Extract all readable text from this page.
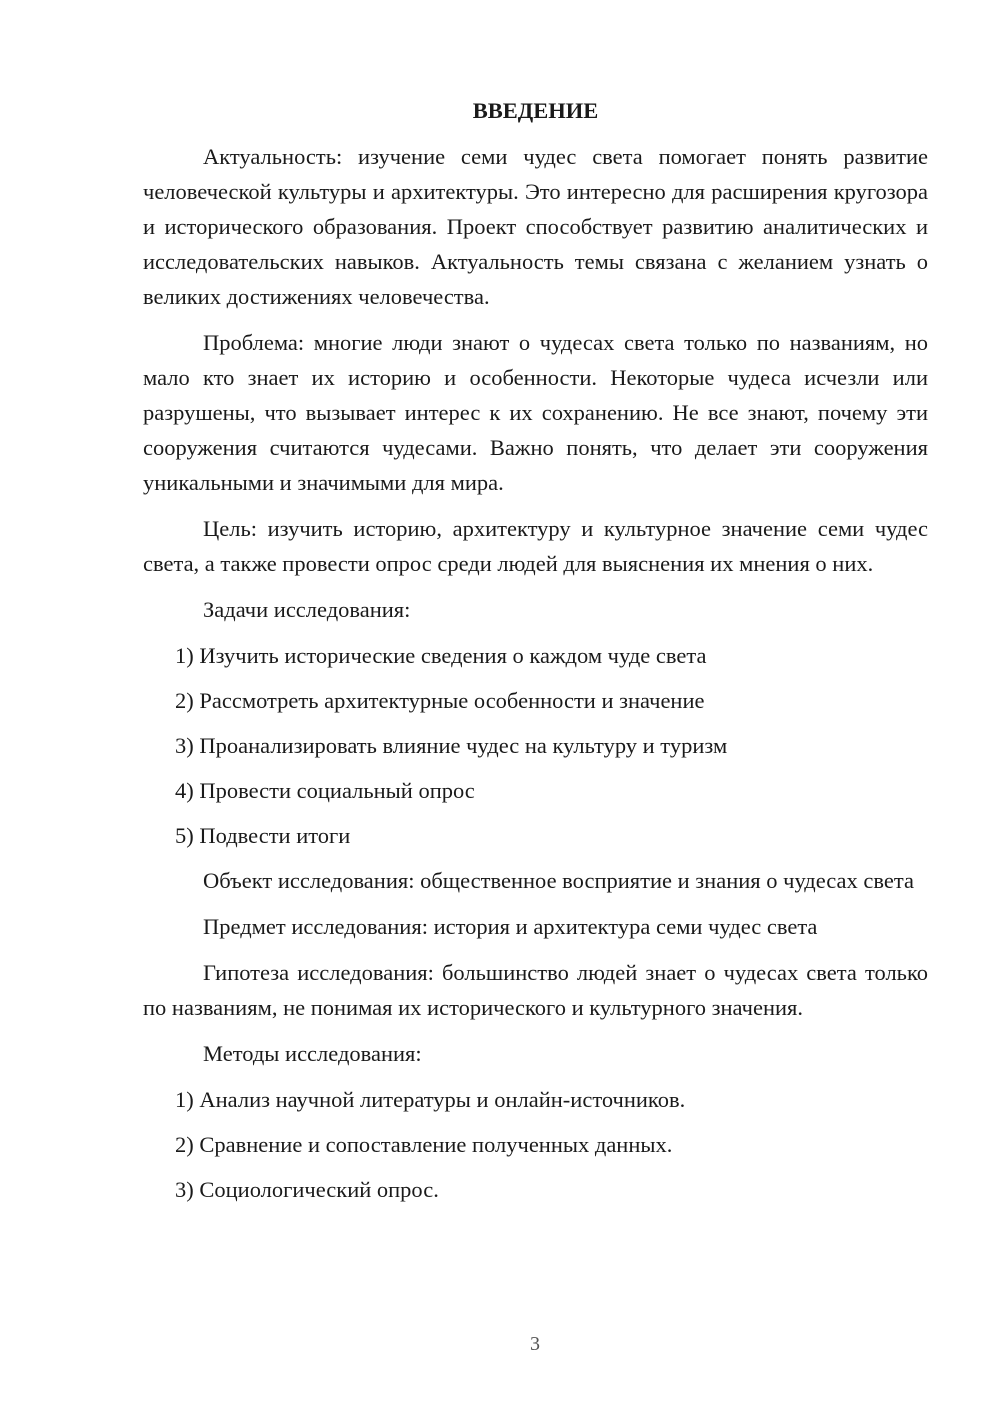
ВВЕДЕНИЕ

Актуальность: изучение семи чудес света помогает понять развитие человеческой культуры и архитектуры. Это интересно для расширения кругозора и исторического образования. Проект способствует развитию аналитических и исследовательских навыков. Актуальность темы связана с желанием узнать о великих достижениях человечества.

Проблема: многие люди знают о чудесах света только по названиям, но мало кто знает их историю и особенности. Некоторые чудеса исчезли или разрушены, что вызывает интерес к их сохранению. Не все знают, почему эти сооружения считаются чудесами. Важно понять, что делает эти сооружения уникальными и значимыми для мира.

Цель: изучить историю, архитектуру и культурное значение семи чудес света, а также провести опрос среди людей для выяснения их мнения о них.

Задачи исследования:

1) Изучить исторические сведения о каждом чуде света
2) Рассмотреть архитектурные особенности и значение
3) Проанализировать влияние чудес на культуру и туризм
4) Провести социальный опрос
5) Подвести итоги

Объект исследования: общественное восприятие и знания о чудесах света

Предмет исследования: история и архитектура семи чудес света

Гипотеза исследования: большинство людей знает о чудесах света только по названиям, не понимая их исторического и культурного значения.

Методы исследования:

1) Анализ научной литературы и онлайн-источников.
2) Сравнение и сопоставление полученных данных.
3) Социологический опрос.
3
